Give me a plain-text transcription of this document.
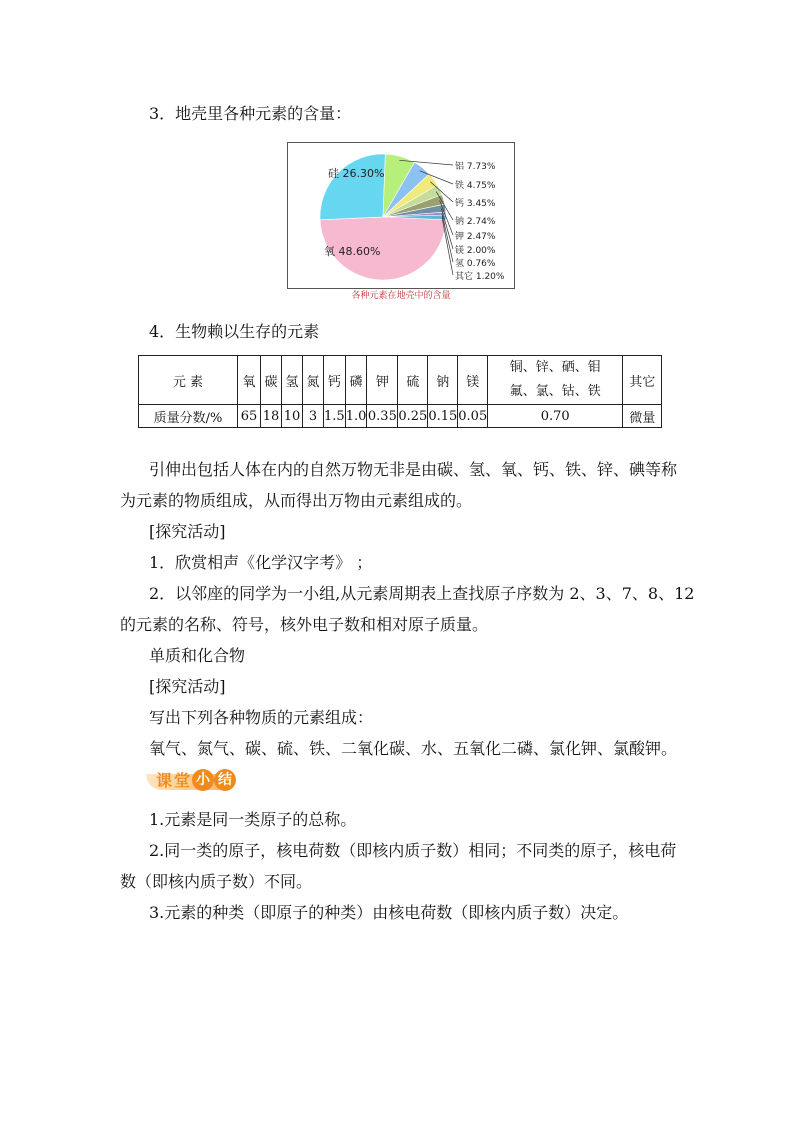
3．地壳里各种元素的含量：

氧 48.60%
硅 26.30%	铝 7.73%
铁 4.75%
钙 3.45%
钠 2.74%
钾 2.47%
镁 2.00%
氢 0.76%
其它 1.20%
各种元素在地壳中的含量

4．生物赖以生存的元素

元 素	氧	碳	氢	氮	钙	磷	钾	硫	钠	镁	铜、锌、硒、钼
氟、氯、钴、铁	其它
质量分数/%	65	18	10	3	1.5	1.0	0.35	0.25	0.15	0.05	0.70	微量

引伸出包括人体在内的自然万物无非是由碳、氢、氧、钙、铁、锌、碘等称

为元素的物质组成，从而得出万物由元素组成的。

[探究活动]

1．欣赏相声《化学汉字考》 ；

2．以邻座的同学为一小组,从元素周期表上查找原子序数为 2、3、7、8、12

的元素的名称、符号，核外电子数和相对原子质量。

单质和化合物

[探究活动]

写出下列各种物质的元素组成：

氧气、氮气、碳、硫、铁、二氧化碳、水、五氧化二磷、氯化钾、氯酸钾。

课 堂 小 结

1.元素是同一类原子的总称。

2.同一类的原子，核电荷数（即核内质子数）相同；不同类的原子，核电荷

数（即核内质子数）不同。

3.元素的种类（即原子的种类）由核电荷数（即核内质子数）决定。
